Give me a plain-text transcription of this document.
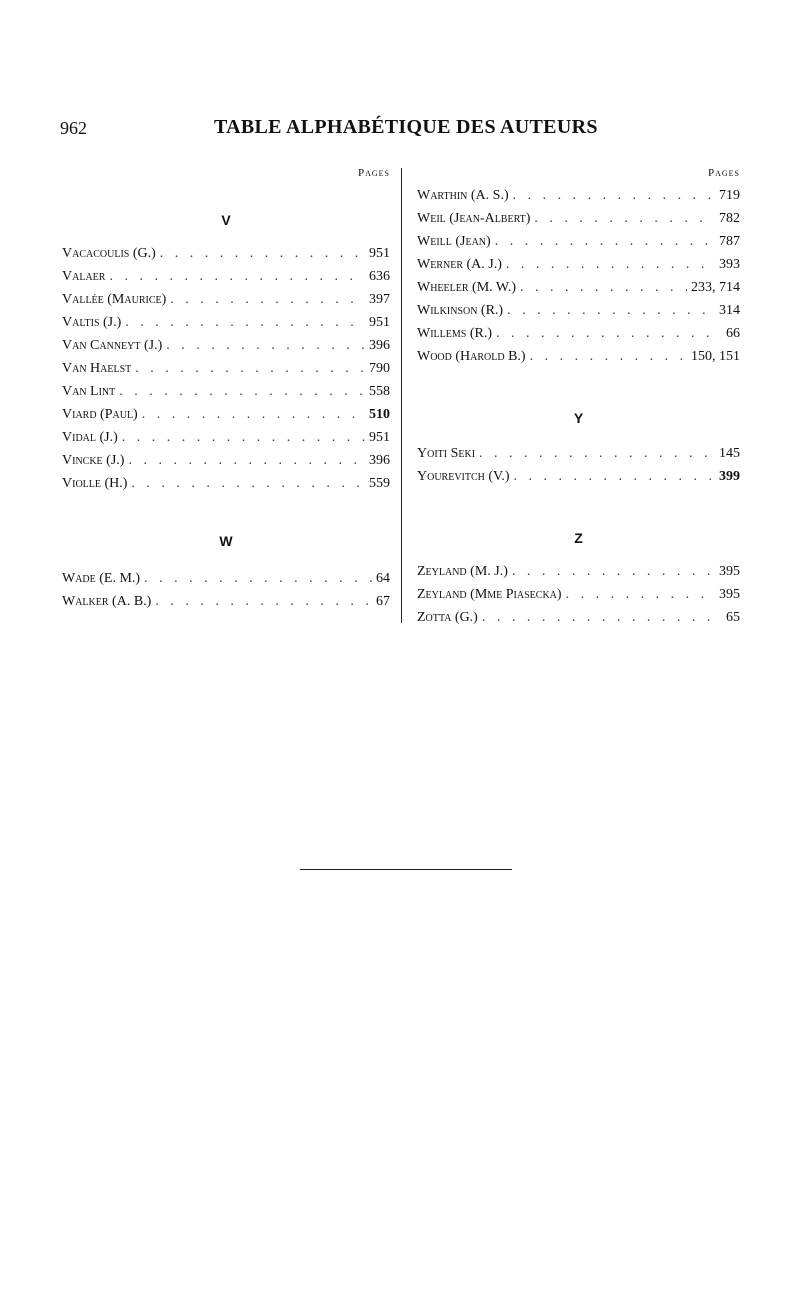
962	TABLE ALPHABÉTIQUE DES AUTEURS
Pages
V
Vacacoulis (G.) . . .	951
Valaer . . .	636
Vallée (Maurice) . . .	397
Valtis (J.) . . .	951
Van Canneyt (J.) . . .	396
Van Haelst . . .	790
Van Lint . . .	558
Viard (Paul) . . .	510
Vidal (J.) . . .	951
Vincke (J.) . . .	396
Violle (H.) . . .	559
W
Wade (E. M.) . . .	64
Walker (A. B.) . . .	67
Pages
Warthin (A. S.) . . .	719
Weil (Jean-Albert) . . .	782
Weill (Jean) . . .	787
Werner (A. J.) . . .	393
Wheeler (M. W.) . . .	233, 714
Wilkinson (R.) . . .	314
Willems (R.) . . .	66
Wood (Harold B.) . . .	150, 151
Y
Yoiti Seki . . .	145
Yourevitch (V.) . . .	399
Z
Zeyland (M. J.) . . .	395
Zeyland (Mme Piasecka) . . .	395
Zotta (G.) . . .	65
